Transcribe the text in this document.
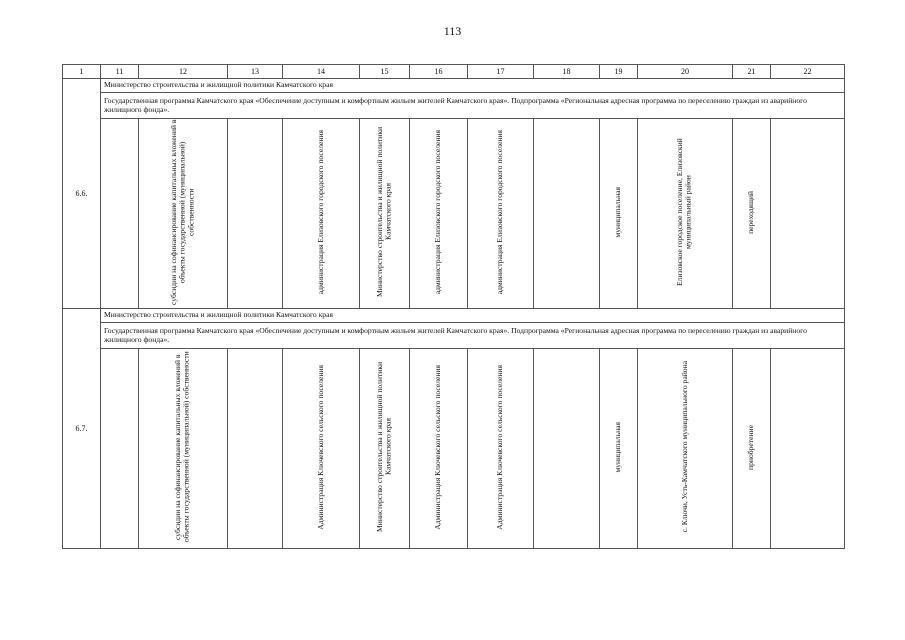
113
1	11	12	13	14	15	16	17	18	19	20	21	22
6.6.	Министерство строительства и жилищной политики Камчатского края											
	Государственная программа Камчатского края «Обеспечение доступным и комфортным жильем жителей Камчатского края». Подпрограмма «Региональная адресная программа по переселению граждан из аварийного жилищного фонда».											
		субсидии на софинансирование капитальных вложений в объекты государственной (муниципальной) собственности		администрация Елизовского городского поселения	Министерство строительства и жилищной политики Камчатского края	администрация Елизовского городского поселения	администрация Елизовского городского поселения		муниципальная	Елизовское городское поселение, Елизовский муниципальный район	переходящий	
6.7.	Министерство строительства и жилищной политики Камчатского края											
	Государственная программа Камчатского края «Обеспечение доступным и комфортным жильем жителей Камчатского края». Подпрограмма «Региональная адресная программа по переселению граждан из аварийного жилищного фонда».											
		субсидии на софинансирование капитальных вложений в объекты государственной (муниципальной) собственности		Администрация Ключевского сельского поселения	Министерство строительства и жилищной политики Камчатского края	Администрация Ключевского сельского поселения	Администрация Ключевского сельского поселения		муниципальная	с. Ключи, Усть-Камчатского муниципального района	приобретение	
